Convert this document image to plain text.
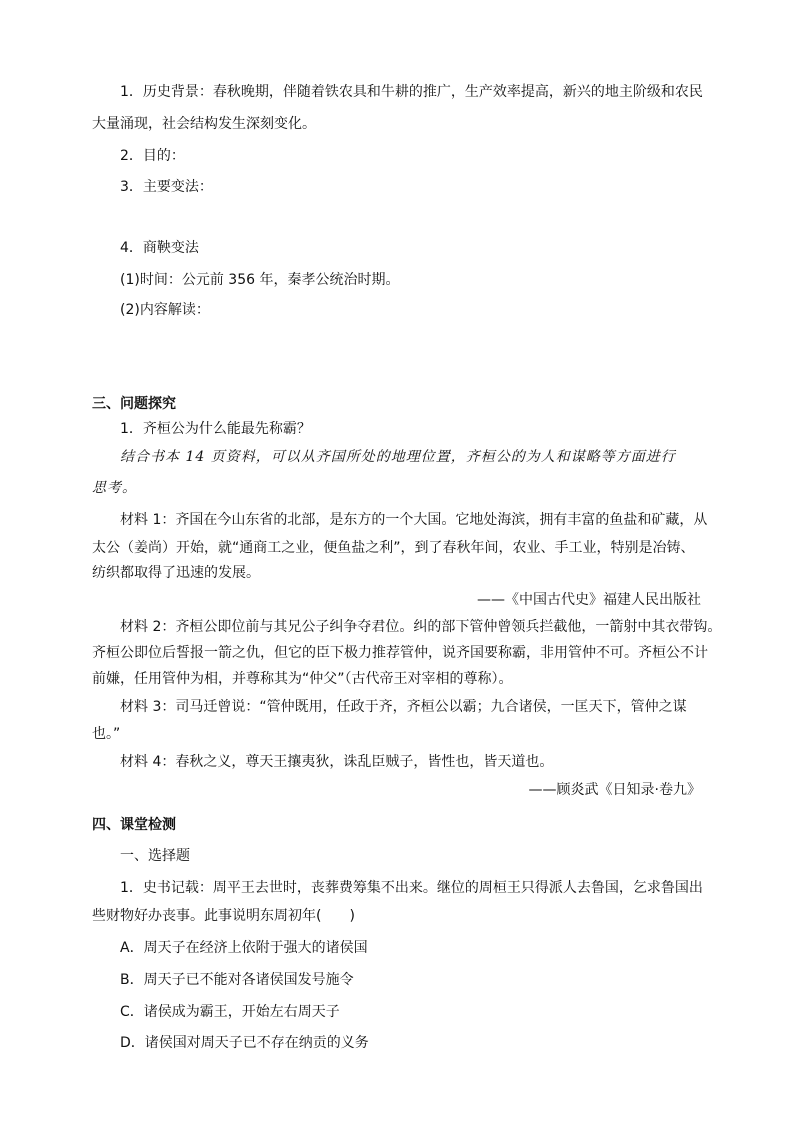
1．历史背景：春秋晚期，伴随着铁农具和牛耕的推广，生产效率提高，新兴的地主阶级和农民
大量涌现，社会结构发生深刻变化。
2．目的：
3．主要变法：
4．商鞅变法
(1)时间：公元前 356 年，秦孝公统治时期。
(2)内容解读：
三、问题探究
1．齐桓公为什么能最先称霸？
结合书本 14 页资料，可以从齐国所处的地理位置，齐桓公的为人和谋略等方面进行
思考。
材料 1：齐国在今山东省的北部，是东方的一个大国。它地处海滨，拥有丰富的鱼盐和矿藏，从
太公（姜尚）开始，就“通商工之业，便鱼盐之利”，到了春秋年间，农业、手工业，特别是冶铸、
纺织都取得了迅速的发展。
——《中国古代史》福建人民出版社
材料 2：齐桓公即位前与其兄公子纠争夺君位。纠的部下管仲曾领兵拦截他，一箭射中其衣带钩。
齐桓公即位后誓报一箭之仇，但它的臣下极力推荐管仲，说齐国要称霸，非用管仲不可。齐桓公不计
前嫌，任用管仲为相，并尊称其为“仲父”（古代帝王对宰相的尊称）。
材料 3：司马迁曾说：“管仲既用，任政于齐，齐桓公以霸；九合诸侯，一匡天下，管仲之谋
也。”
材料 4：春秋之义，尊天王攘夷狄，诛乱臣贼子，皆性也，皆天道也。
——顾炎武《日知录·卷九》
四、课堂检测
一、选择题
1．史书记载：周平王去世时，丧葬费筹集不出来。继位的周桓王只得派人去鲁国，乞求鲁国出
些财物好办丧事。此事说明东周初年(　　)
A．周天子在经济上依附于强大的诸侯国
B．周天子已不能对各诸侯国发号施令
C．诸侯成为霸王，开始左右周天子
D．诸侯国对周天子已不存在纳贡的义务
